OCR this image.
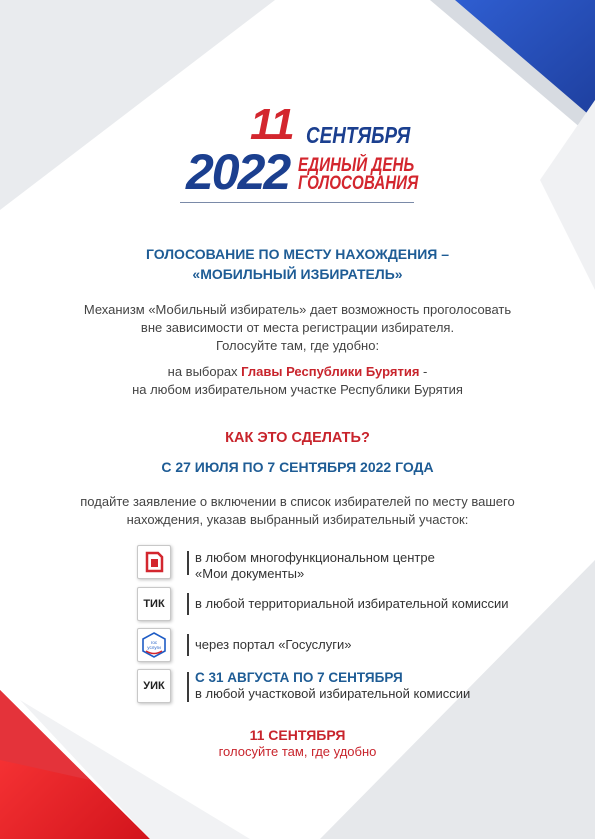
11 СЕНТЯБРЯ
2022 ЕДИНЫЙ ДЕНЬ
ГОЛОСОВАНИЯ
ГОЛОСОВАНИЕ ПО МЕСТУ НАХОЖДЕНИЯ –
«МОБИЛЬНЫЙ ИЗБИРАТЕЛЬ»
Механизм «Мобильный избиратель» дает возможность проголосовать
вне зависимости от места регистрации избирателя.
Голосуйте там, где удобно:
на выборах Главы Республики Бурятия -
на любом избирательном участке Республики Бурятия
КАК ЭТО СДЕЛАТЬ?
С 27 ИЮЛЯ ПО 7 СЕНТЯБРЯ 2022 ГОДА
подайте заявление о включении в список избирателей по месту вашего
нахождения, указав выбранный избирательный участок:
в любом многофункциональном центре
«Мои документы»
ТИК	в любой территориальной избирательной комиссии
гос
услуги	через портал «Госуслуги»
УИК
С 31 АВГУСТА ПО 7 СЕНТЯБРЯ
в любой участковой избирательной комиссии
11 СЕНТЯБРЯ
голосуйте там, где удобно
